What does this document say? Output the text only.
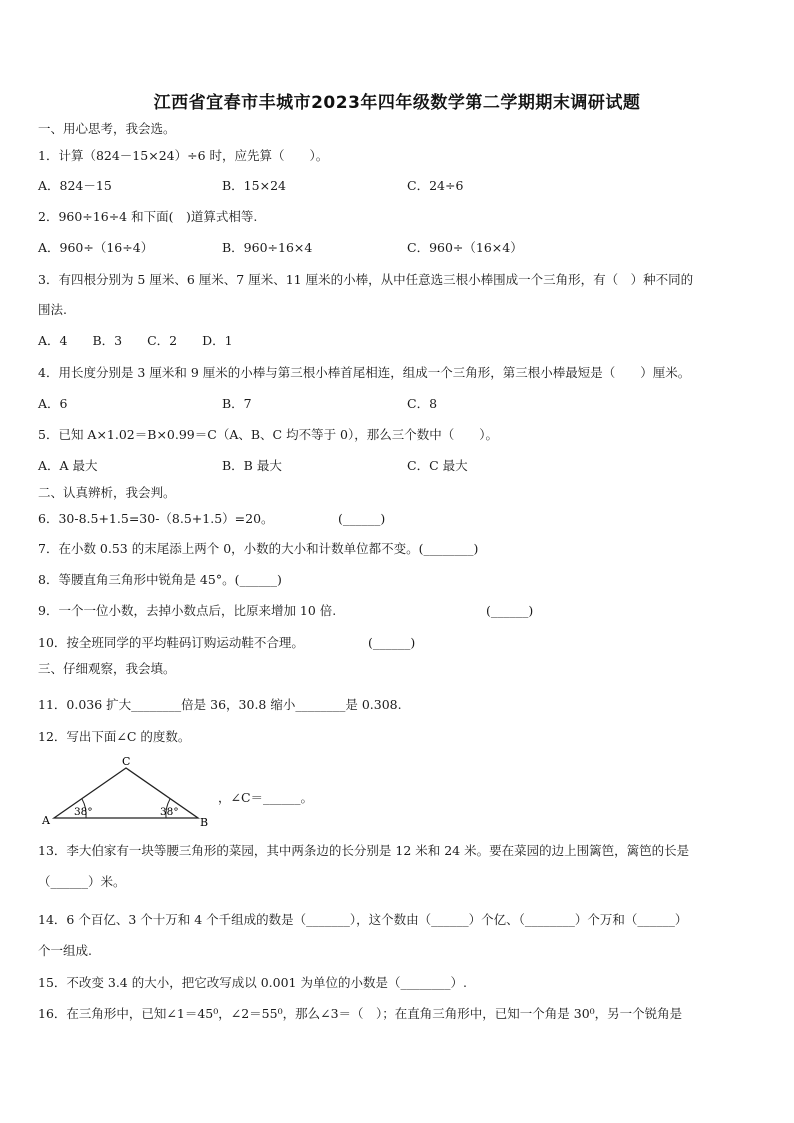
江西省宜春市丰城市2023年四年级数学第二学期期末调研试题
一、用心思考，我会选。
1．计算（824－15×24）÷6 时，应先算（　　）。
A．824－15	B．15×24	C．24÷6
2．960÷16÷4 和下面(　)道算式相等.
A．960÷（16÷4）	B．960÷16×4	C．960÷（16×4）
3．有四根分别为 5 厘米、6 厘米、7 厘米、11 厘米的小棒，从中任意选三根小棒围成一个三角形，有（　）种不同的
围法.
A．4　　B．3　　C．2　　D．1
4．用长度分别是 3 厘米和 9 厘米的小棒与第三根小棒首尾相连，组成一个三角形，第三根小棒最短是（　　）厘米。
A．6	B．7	C．8
5．已知 A×1.02＝B×0.99＝C（A、B、C 均不等于 0），那么三个数中（　　）。
A．A 最大	B．B 最大	C．C 最大
二、认真辨析，我会判。
6．30-8.5+1.5=30-（8.5+1.5）=20。	(______)
7．在小数 0.53 的末尾添上两个 0，小数的大小和计数单位都不变。(________)
8．等腰直角三角形中锐角是 45°。(______)
9．一个一位小数，去掉小数点后，比原来增加 10 倍.	(______)
10．按全班同学的平均鞋码订购运动鞋不合理。	(______)
三、仔细观察，我会填。
11．0.036 扩大________倍是 36，30.8 缩小________是 0.308.
12．写出下面∠C 的度数。
A	B
C
38°	38°
，∠C＝______。
13．李大伯家有一块等腰三角形的菜园，其中两条边的长分别是 12 米和 24 米。要在菜园的边上围篱笆，篱笆的长是
（______）米。
14．6 个百亿、3 个十万和 4 个千组成的数是（_______），这个数由（______）个亿、（________）个万和（______）
个一组成.
15．不改变 3.4 的大小，把它改写成以 0.001 为单位的小数是（________）.
16．在三角形中，已知∠1＝45⁰，∠2＝55⁰，那么∠3＝（　）；在直角三角形中，已知一个角是 30⁰，另一个锐角是
